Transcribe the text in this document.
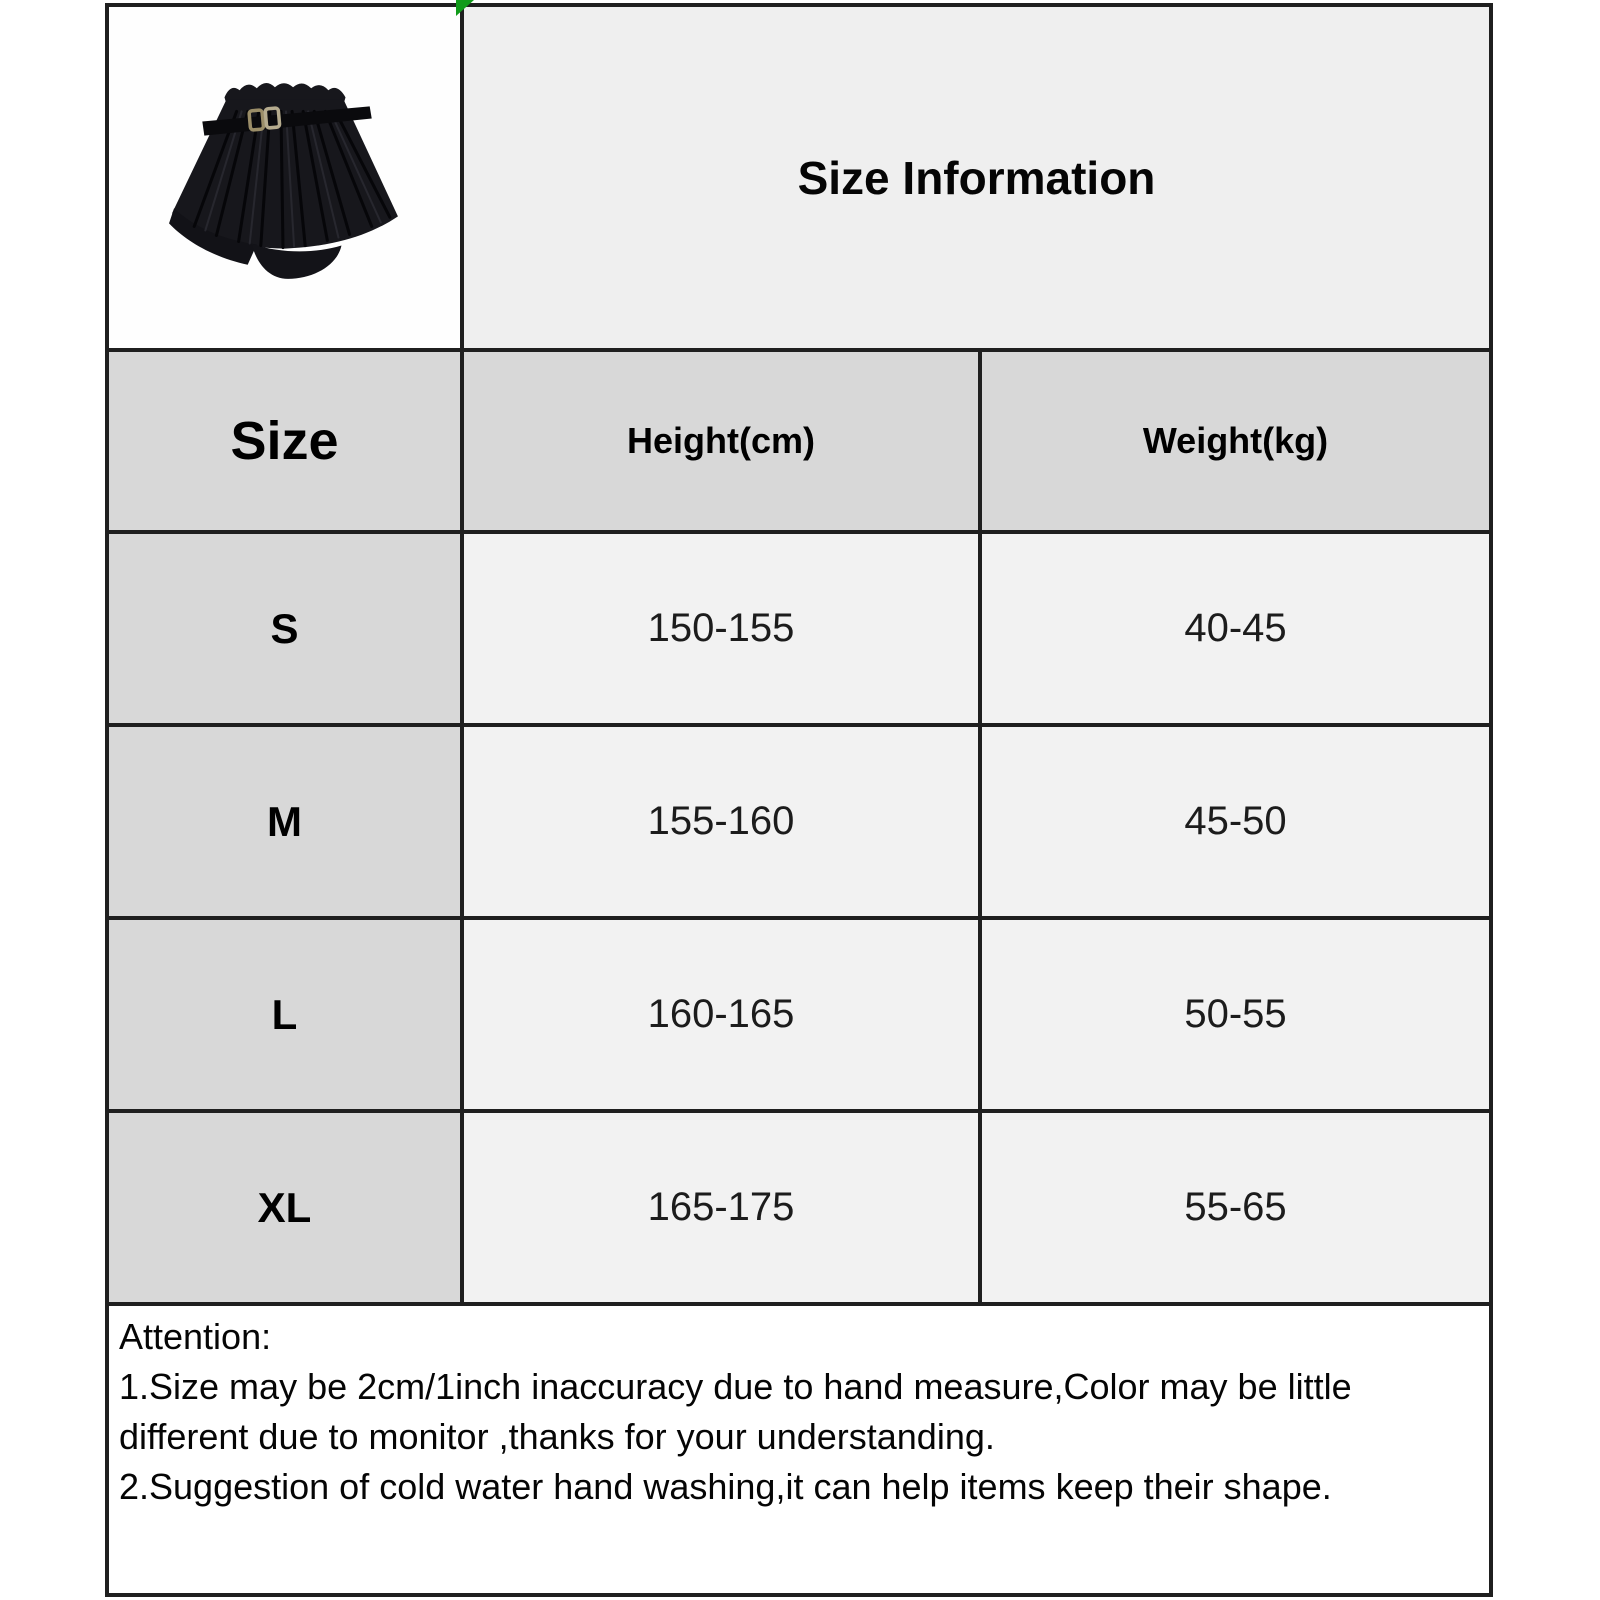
Size Information
Size	Height(cm)	Weight(kg)
S	150-155	40-45
M	155-160	45-50
L	160-165	50-55
XL	165-175	55-65
Attention:
1.Size may be 2cm/1inch inaccuracy due to hand measure,Color may be little
different due to monitor ,thanks for your understanding.
2.Suggestion of cold water hand washing,it can help items keep their shape.
